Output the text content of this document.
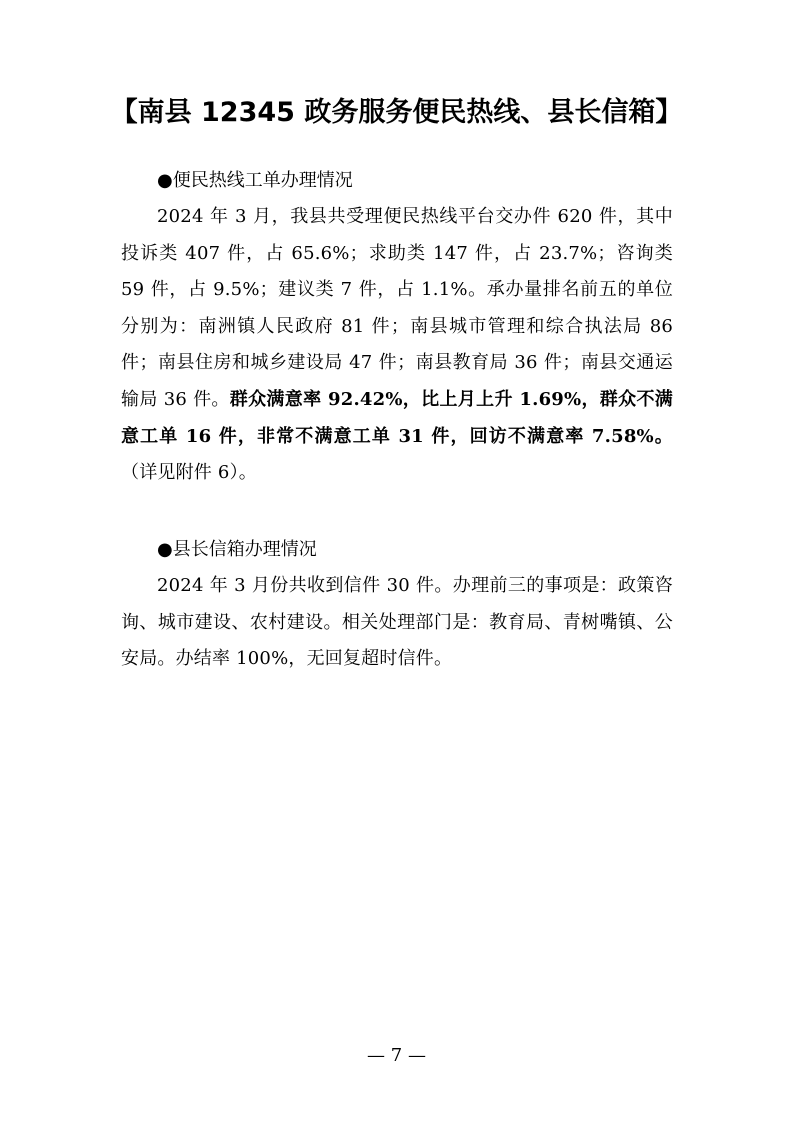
【南县 12345 政务服务便民热线、县长信箱】

●便民热线工单办理情况

2024 年 3 月，我县共受理便民热线平台交办件 620 件，其中投诉类 407 件，占 65.6%；求助类 147 件，占 23.7%；咨询类 59 件，占 9.5%；建议类 7 件，占 1.1%。承办量排名前五的单位分别为：南洲镇人民政府 81 件；南县城市管理和综合执法局 86 件；南县住房和城乡建设局 47 件；南县教育局 36 件；南县交通运输局 36 件。群众满意率 92.42%，比上月上升 1.69%，群众不满意工单 16 件，非常不满意工单 31 件，回访不满意率 7.58%。（详见附件 6）。

●县长信箱办理情况

2024 年 3 月份共收到信件 30 件。办理前三的事项是：政策咨询、城市建设、农村建设。相关处理部门是：教育局、青树嘴镇、公安局。办结率 100%，无回复超时信件。

— 7 —
